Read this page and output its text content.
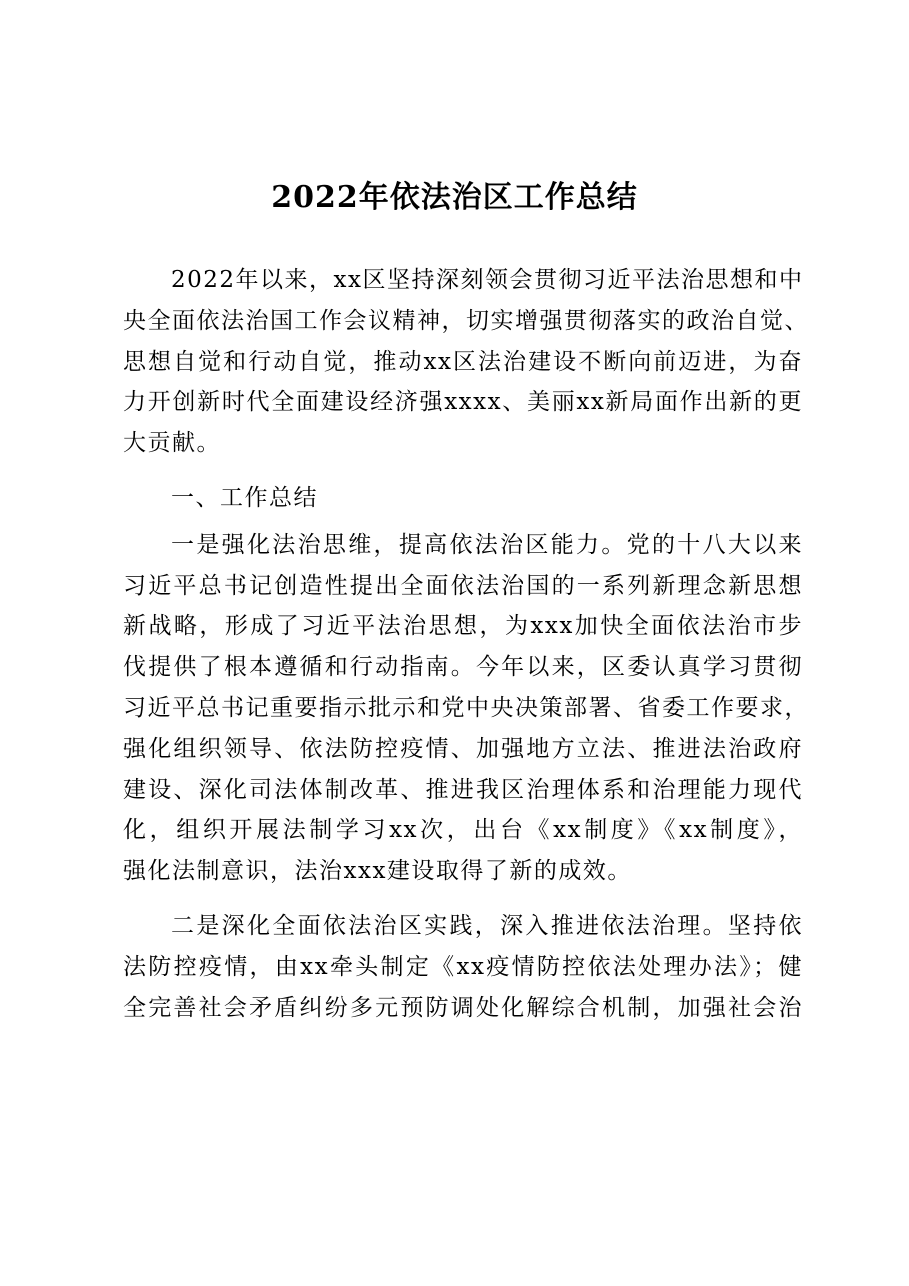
2022年依法治区工作总结
2022年以来，xx区坚持深刻领会贯彻习近平法治思想和中
央全面依法治国工作会议精神，切实增强贯彻落实的政治自觉、
思想自觉和行动自觉，推动xx区法治建设不断向前迈进，为奋
力开创新时代全面建设经济强xxxx、美丽xx新局面作出新的更
大贡献。
一、工作总结
一是强化法治思维，提高依法治区能力。党的十八大以来
习近平总书记创造性提出全面依法治国的一系列新理念新思想
新战略，形成了习近平法治思想，为xxx加快全面依法治市步
伐提供了根本遵循和行动指南。今年以来，区委认真学习贯彻
习近平总书记重要指示批示和党中央决策部署、省委工作要求，
强化组织领导、依法防控疫情、加强地方立法、推进法治政府
建设、深化司法体制改革、推进我区治理体系和治理能力现代
化，组织开展法制学习xx次，出台《xx制度》《xx制度》，
强化法制意识，法治xxx建设取得了新的成效。
二是深化全面依法治区实践，深入推进依法治理。坚持依
法防控疫情，由xx牵头制定《xx疫情防控依法处理办法》；健
全完善社会矛盾纠纷多元预防调处化解综合机制，加强社会治
